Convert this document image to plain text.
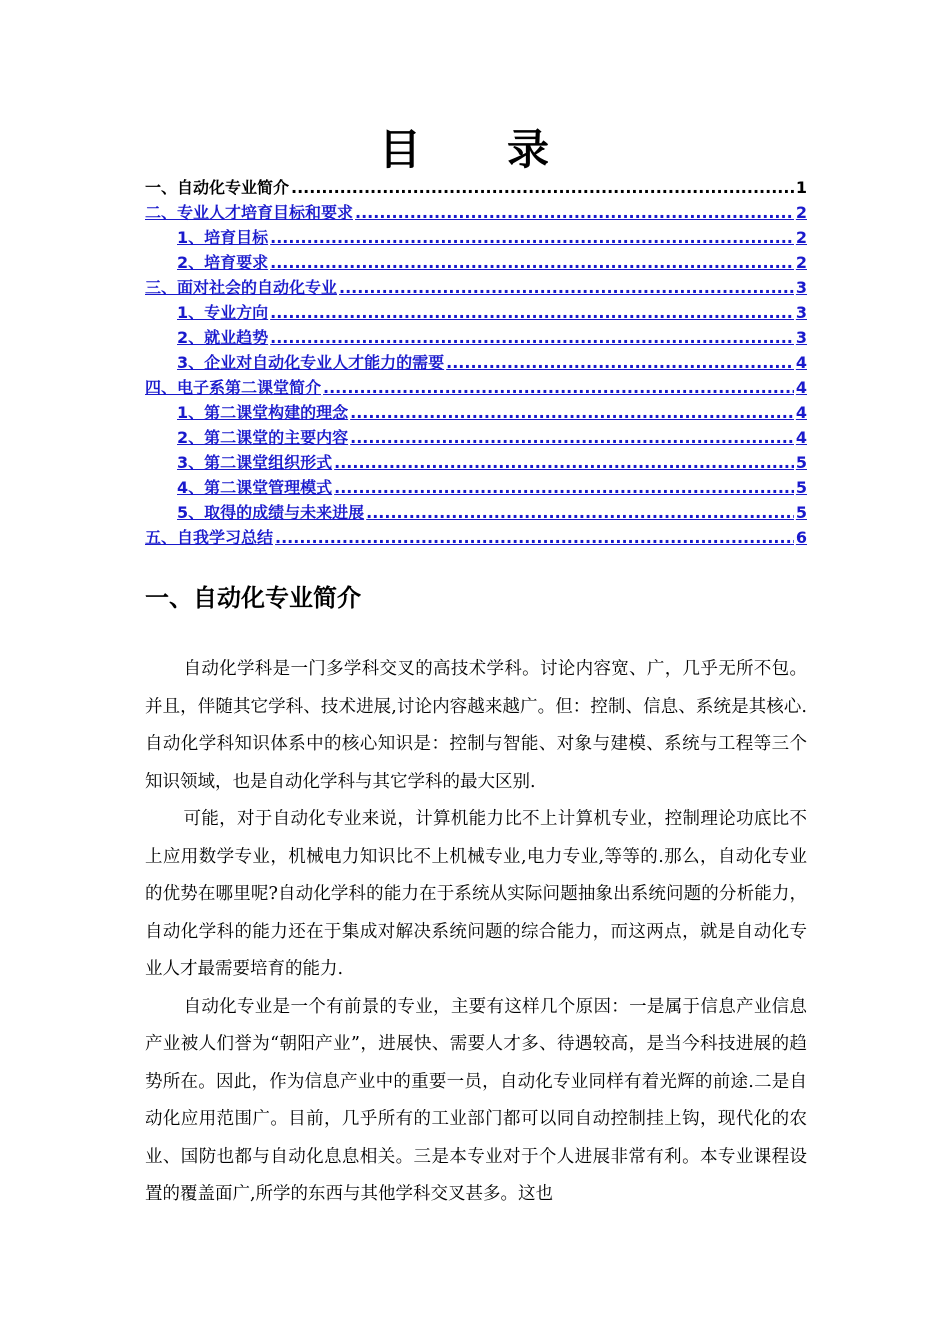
目　录
一、自动化专业简介 .....	1
二、专业人才培育目标和要求 .....	2
1、培育目标 .....	2
2、培育要求 .....	2
三、面对社会的自动化专业 .....	3
1、专业方向 .....	3
2、就业趋势 .....	3
3、企业对自动化专业人才能力的需要 .....	4
四、电子系第二课堂简介 .....	4
1、第二课堂构建的理念 .....	4
2、第二课堂的主要内容 .....	4
3、第二课堂组织形式 .....	5
4、第二课堂管理模式 .....	5
5、取得的成绩与未来进展 .....	5
五、自我学习总结 .....	6
一、自动化专业简介

自动化学科是一门多学科交叉的高技术学科。讨论内容宽、广，几乎无所不包。并且，伴随其它学科、技术进展,讨论内容越来越广。但：控制、信息、系统是其核心.自动化学科知识体系中的核心知识是：控制与智能、对象与建模、系统与工程等三个知识领域，也是自动化学科与其它学科的最大区别.

可能，对于自动化专业来说，计算机能力比不上计算机专业，控制理论功底比不上应用数学专业，机械电力知识比不上机械专业,电力专业,等等的.那么，自动化专业的优势在哪里呢?自动化学科的能力在于系统从实际问题抽象出系统问题的分析能力，自动化学科的能力还在于集成对解决系统问题的综合能力，而这两点，就是自动化专业人才最需要培育的能力.

自动化专业是一个有前景的专业，主要有这样几个原因：一是属于信息产业信息产业被人们誉为“朝阳产业”，进展快、需要人才多、待遇较高，是当今科技进展的趋势所在。因此，作为信息产业中的重要一员，自动化专业同样有着光辉的前途.二是自动化应用范围广。目前，几乎所有的工业部门都可以同自动控制挂上钩，现代化的农业、国防也都与自动化息息相关。三是本专业对于个人进展非常有利。本专业课程设置的覆盖面广,所学的东西与其他学科交叉甚多。这也
